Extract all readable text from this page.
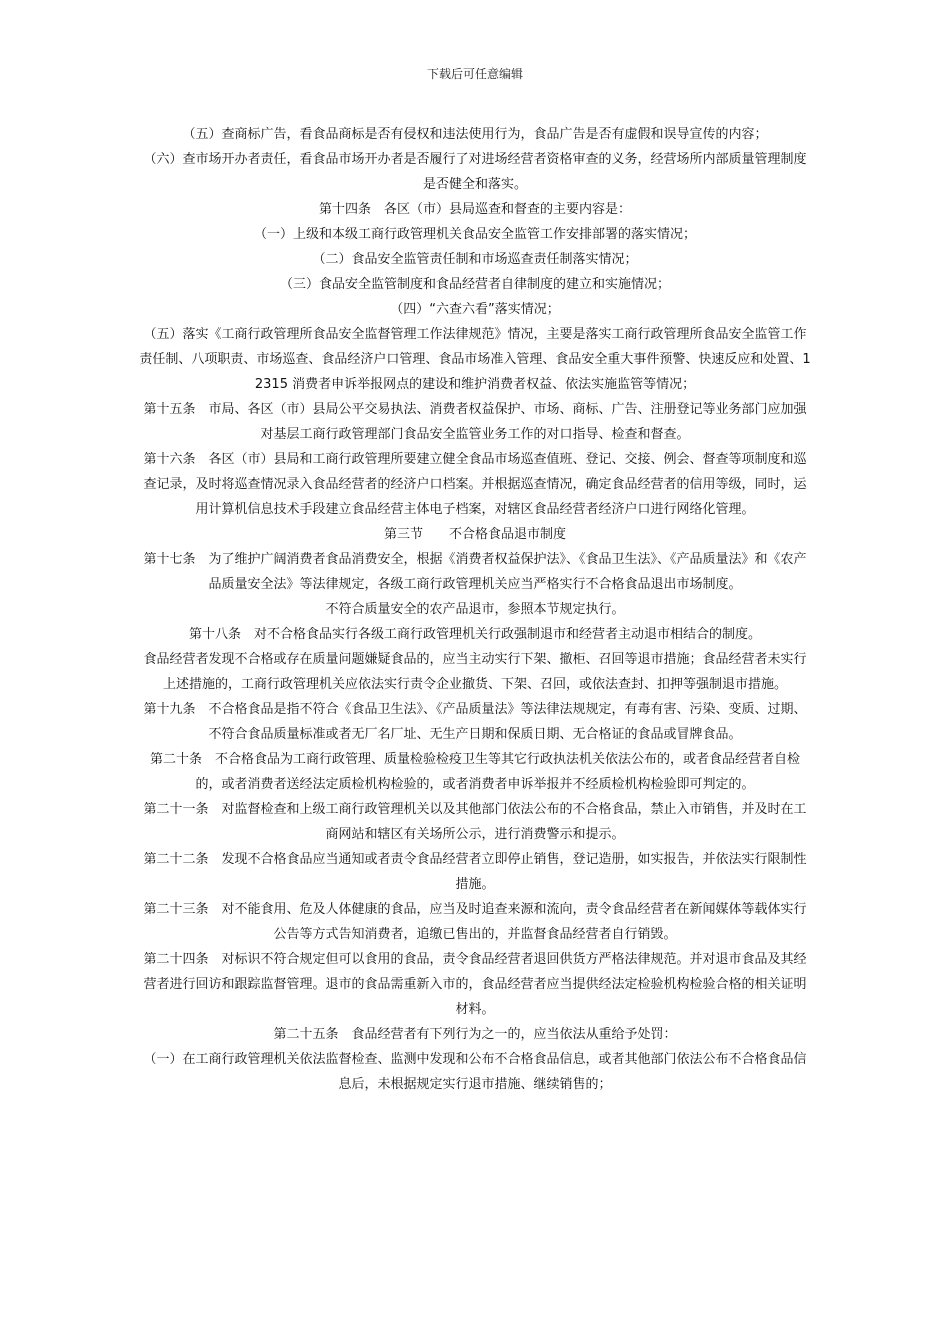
下载后可任意编辑

（五）查商标广告，看食品商标是否有侵权和违法使用行为，食品广告是否有虚假和误导宣传的内容；

（六）查市场开办者责任，看食品市场开办者是否履行了对进场经营者资格审查的义务，经营场所内部质量管理制度是否健全和落实。

第十四条　各区（市）县局巡查和督查的主要内容是：

（一）上级和本级工商行政管理机关食品安全监管工作安排部署的落实情况；

（二）食品安全监管责任制和市场巡查责任制落实情况；

（三）食品安全监管制度和食品经营者自律制度的建立和实施情况；

（四）“六查六看”落实情况；

（五）落实《工商行政管理所食品安全监督管理工作法律规范》情况，主要是落实工商行政管理所食品安全监管工作责任制、八项职责、市场巡查、食品经济户口管理、食品市场准入管理、食品安全重大事件预警、快速反应和处置、12315 消费者申诉举报网点的建设和维护消费者权益、依法实施监管等情况；

第十五条　市局、各区（市）县局公平交易执法、消费者权益保护、市场、商标、广告、注册登记等业务部门应加强对基层工商行政管理部门食品安全监管业务工作的对口指导、检查和督查。

第十六条　各区（市）县局和工商行政管理所要建立健全食品市场巡查值班、登记、交接、例会、督查等项制度和巡查记录，及时将巡查情况录入食品经营者的经济户口档案。并根据巡查情况，确定食品经营者的信用等级，同时，运用计算机信息技术手段建立食品经营主体电子档案，对辖区食品经营者经济户口进行网络化管理。

第三节　　不合格食品退市制度

第十七条　为了维护广阔消费者食品消费安全，根据《消费者权益保护法》、《食品卫生法》、《产品质量法》和《农产品质量安全法》等法律规定，各级工商行政管理机关应当严格实行不合格食品退出市场制度。

不符合质量安全的农产品退市，参照本节规定执行。

第十八条　对不合格食品实行各级工商行政管理机关行政强制退市和经营者主动退市相结合的制度。

食品经营者发现不合格或存在质量问题嫌疑食品的，应当主动实行下架、撤柜、召回等退市措施；食品经营者未实行上述措施的，工商行政管理机关应依法实行责令企业撤货、下架、召回，或依法查封、扣押等强制退市措施。

第十九条　不合格食品是指不符合《食品卫生法》、《产品质量法》等法律法规规定，有毒有害、污染、变质、过期、不符合食品质量标准或者无厂名厂址、无生产日期和保质日期、无合格证的食品或冒牌食品。

第二十条　不合格食品为工商行政管理、质量检验检疫卫生等其它行政执法机关依法公布的，或者食品经营者自检的，或者消费者送经法定质检机构检验的，或者消费者申诉举报并不经质检机构检验即可判定的。

第二十一条　对监督检查和上级工商行政管理机关以及其他部门依法公布的不合格食品，禁止入市销售，并及时在工商网站和辖区有关场所公示，进行消费警示和提示。

第二十二条　发现不合格食品应当通知或者责令食品经营者立即停止销售，登记造册，如实报告，并依法实行限制性措施。

第二十三条　对不能食用、危及人体健康的食品，应当及时追查来源和流向，责令食品经营者在新闻媒体等载体实行公告等方式告知消费者，追缴已售出的，并监督食品经营者自行销毁。

第二十四条　对标识不符合规定但可以食用的食品，责令食品经营者退回供货方严格法律规范。并对退市食品及其经营者进行回访和跟踪监督管理。退市的食品需重新入市的，食品经营者应当提供经法定检验机构检验合格的相关证明材料。

第二十五条　食品经营者有下列行为之一的，应当依法从重给予处罚：

（一）在工商行政管理机关依法监督检查、监测中发现和公布不合格食品信息，或者其他部门依法公布不合格食品信息后，未根据规定实行退市措施、继续销售的；
